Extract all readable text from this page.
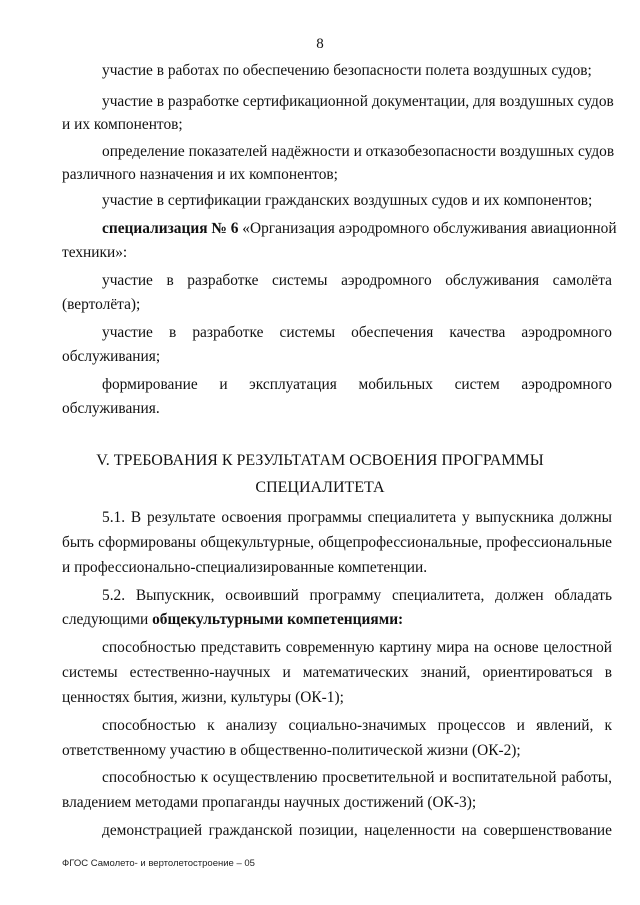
8
участие в работах по обеспечению безопасности полета воздушных судов;
участие в разработке сертификационной документации, для воздушных судов
и их компонентов;
определение показателей надёжности и отказобезопасности воздушных судов
различного назначения и их компонентов;
участие в сертификации гражданских воздушных судов и их компонентов;
специализация № 6 «Организация аэродромного обслуживания авиационной
техники»:
участие в разработке системы аэродромного обслуживания самолёта
(вертолёта);
участие в разработке системы обеспечения качества аэродромного
обслуживания;
формирование и эксплуатация мобильных систем аэродромного
обслуживания.
V. ТРЕБОВАНИЯ К РЕЗУЛЬТАТАМ ОСВОЕНИЯ ПРОГРАММЫ
СПЕЦИАЛИТЕТА
5.1. В результате освоения программы специалитета у выпускника должны
быть сформированы общекультурные, общепрофессиональные, профессиональные
и профессионально-специализированные компетенции.
5.2. Выпускник, освоивший программу специалитета, должен обладать
следующими общекультурными компетенциями:
способностью представить современную картину мира на основе целостной
системы естественно-научных и математических знаний, ориентироваться в
ценностях бытия, жизни, культуры (ОК-1);
способностью к анализу социально-значимых процессов и явлений, к
ответственному участию в общественно-политической жизни (ОК-2);
способностью к осуществлению просветительной и воспитательной работы,
владением методами пропаганды научных достижений (ОК-3);
демонстрацией гражданской позиции, нацеленности на совершенствование
ФГОС Самолето- и вертолетостроение – 05
